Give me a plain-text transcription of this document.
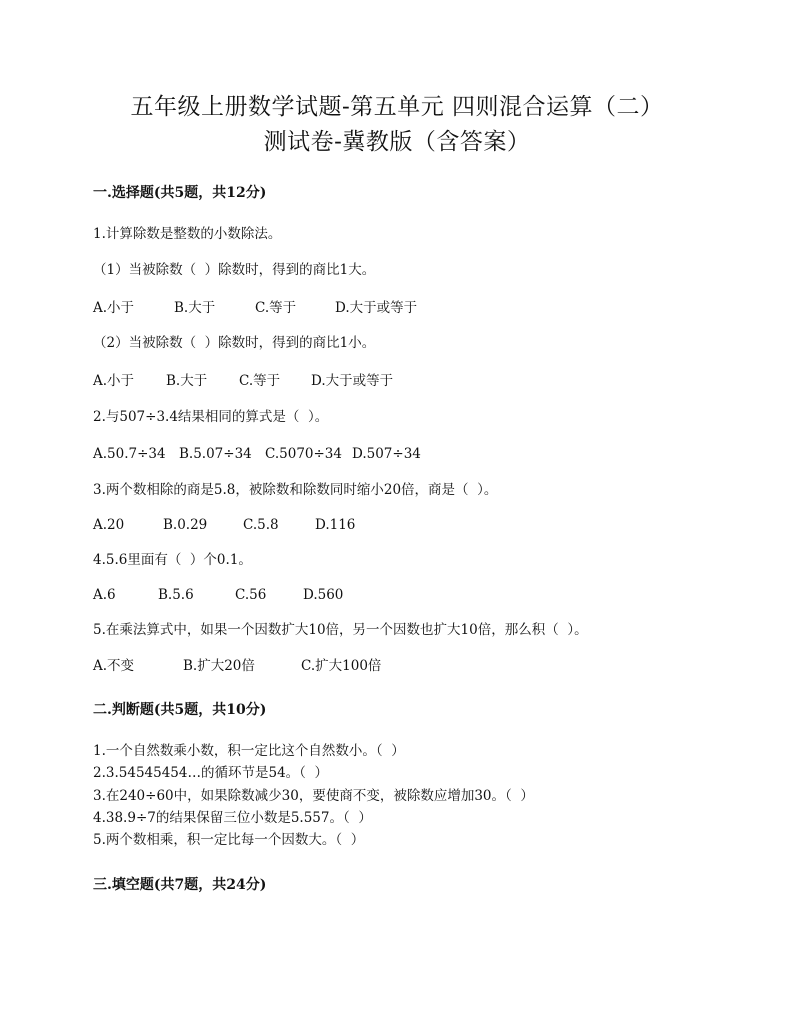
五年级上册数学试题-第五单元 四则混合运算（二）
测试卷-冀教版（含答案）
一.选择题(共5题，共12分)
1.计算除数是整数的小数除法。
（1）当被除数（  ）除数时，得到的商比1大。
A.小于	B.大于	C.等于	D.大于或等于
（2）当被除数（  ）除数时，得到的商比1小。
A.小于 B.大于 C.等于 D.大于或等于
2.与507÷3.4结果相同的算式是（  ）。
A.50.7÷34 B.5.07÷34 C.5070÷34 D.507÷34
3.两个数相除的商是5.8，被除数和除数同时缩小20倍，商是（  ）。
A.20	B.0.29	C.5.8	D.116
4.5.6里面有（  ）个0.1。
A.6	B.5.6	C.56	D.560
5.在乘法算式中，如果一个因数扩大10倍，另一个因数也扩大10倍，那么积（  ）。
A.不变	B.扩大20倍	C.扩大100倍
二.判断题(共5题，共10分)
1.一个自然数乘小数，积一定比这个自然数小。（  ）
2.3.54545454…的循环节是54。（  ）
3.在240÷60中，如果除数减少30，要使商不变，被除数应增加30。（  ）
4.38.9÷7的结果保留三位小数是5.557。（  ）
5.两个数相乘，积一定比每一个因数大。（  ）
三.填空题(共7题，共24分)
